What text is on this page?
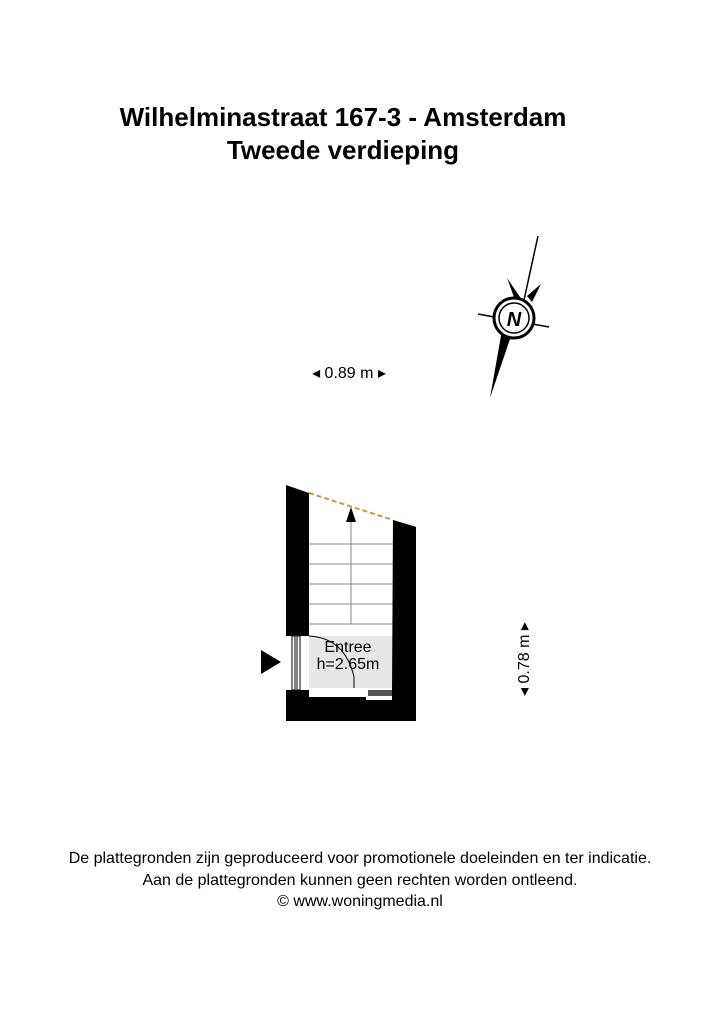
Wilhelminastraat 167-3 - Amsterdam
Tweede verdieping
N
◂ 0.89 m ▸
◂ 0.78 m ▸
Entree
h=2.65m
De plattegronden zijn geproduceerd voor promotionele doeleinden en ter indicatie.
Aan de plattegronden kunnen geen rechten worden ontleend.
© www.woningmedia.nl
